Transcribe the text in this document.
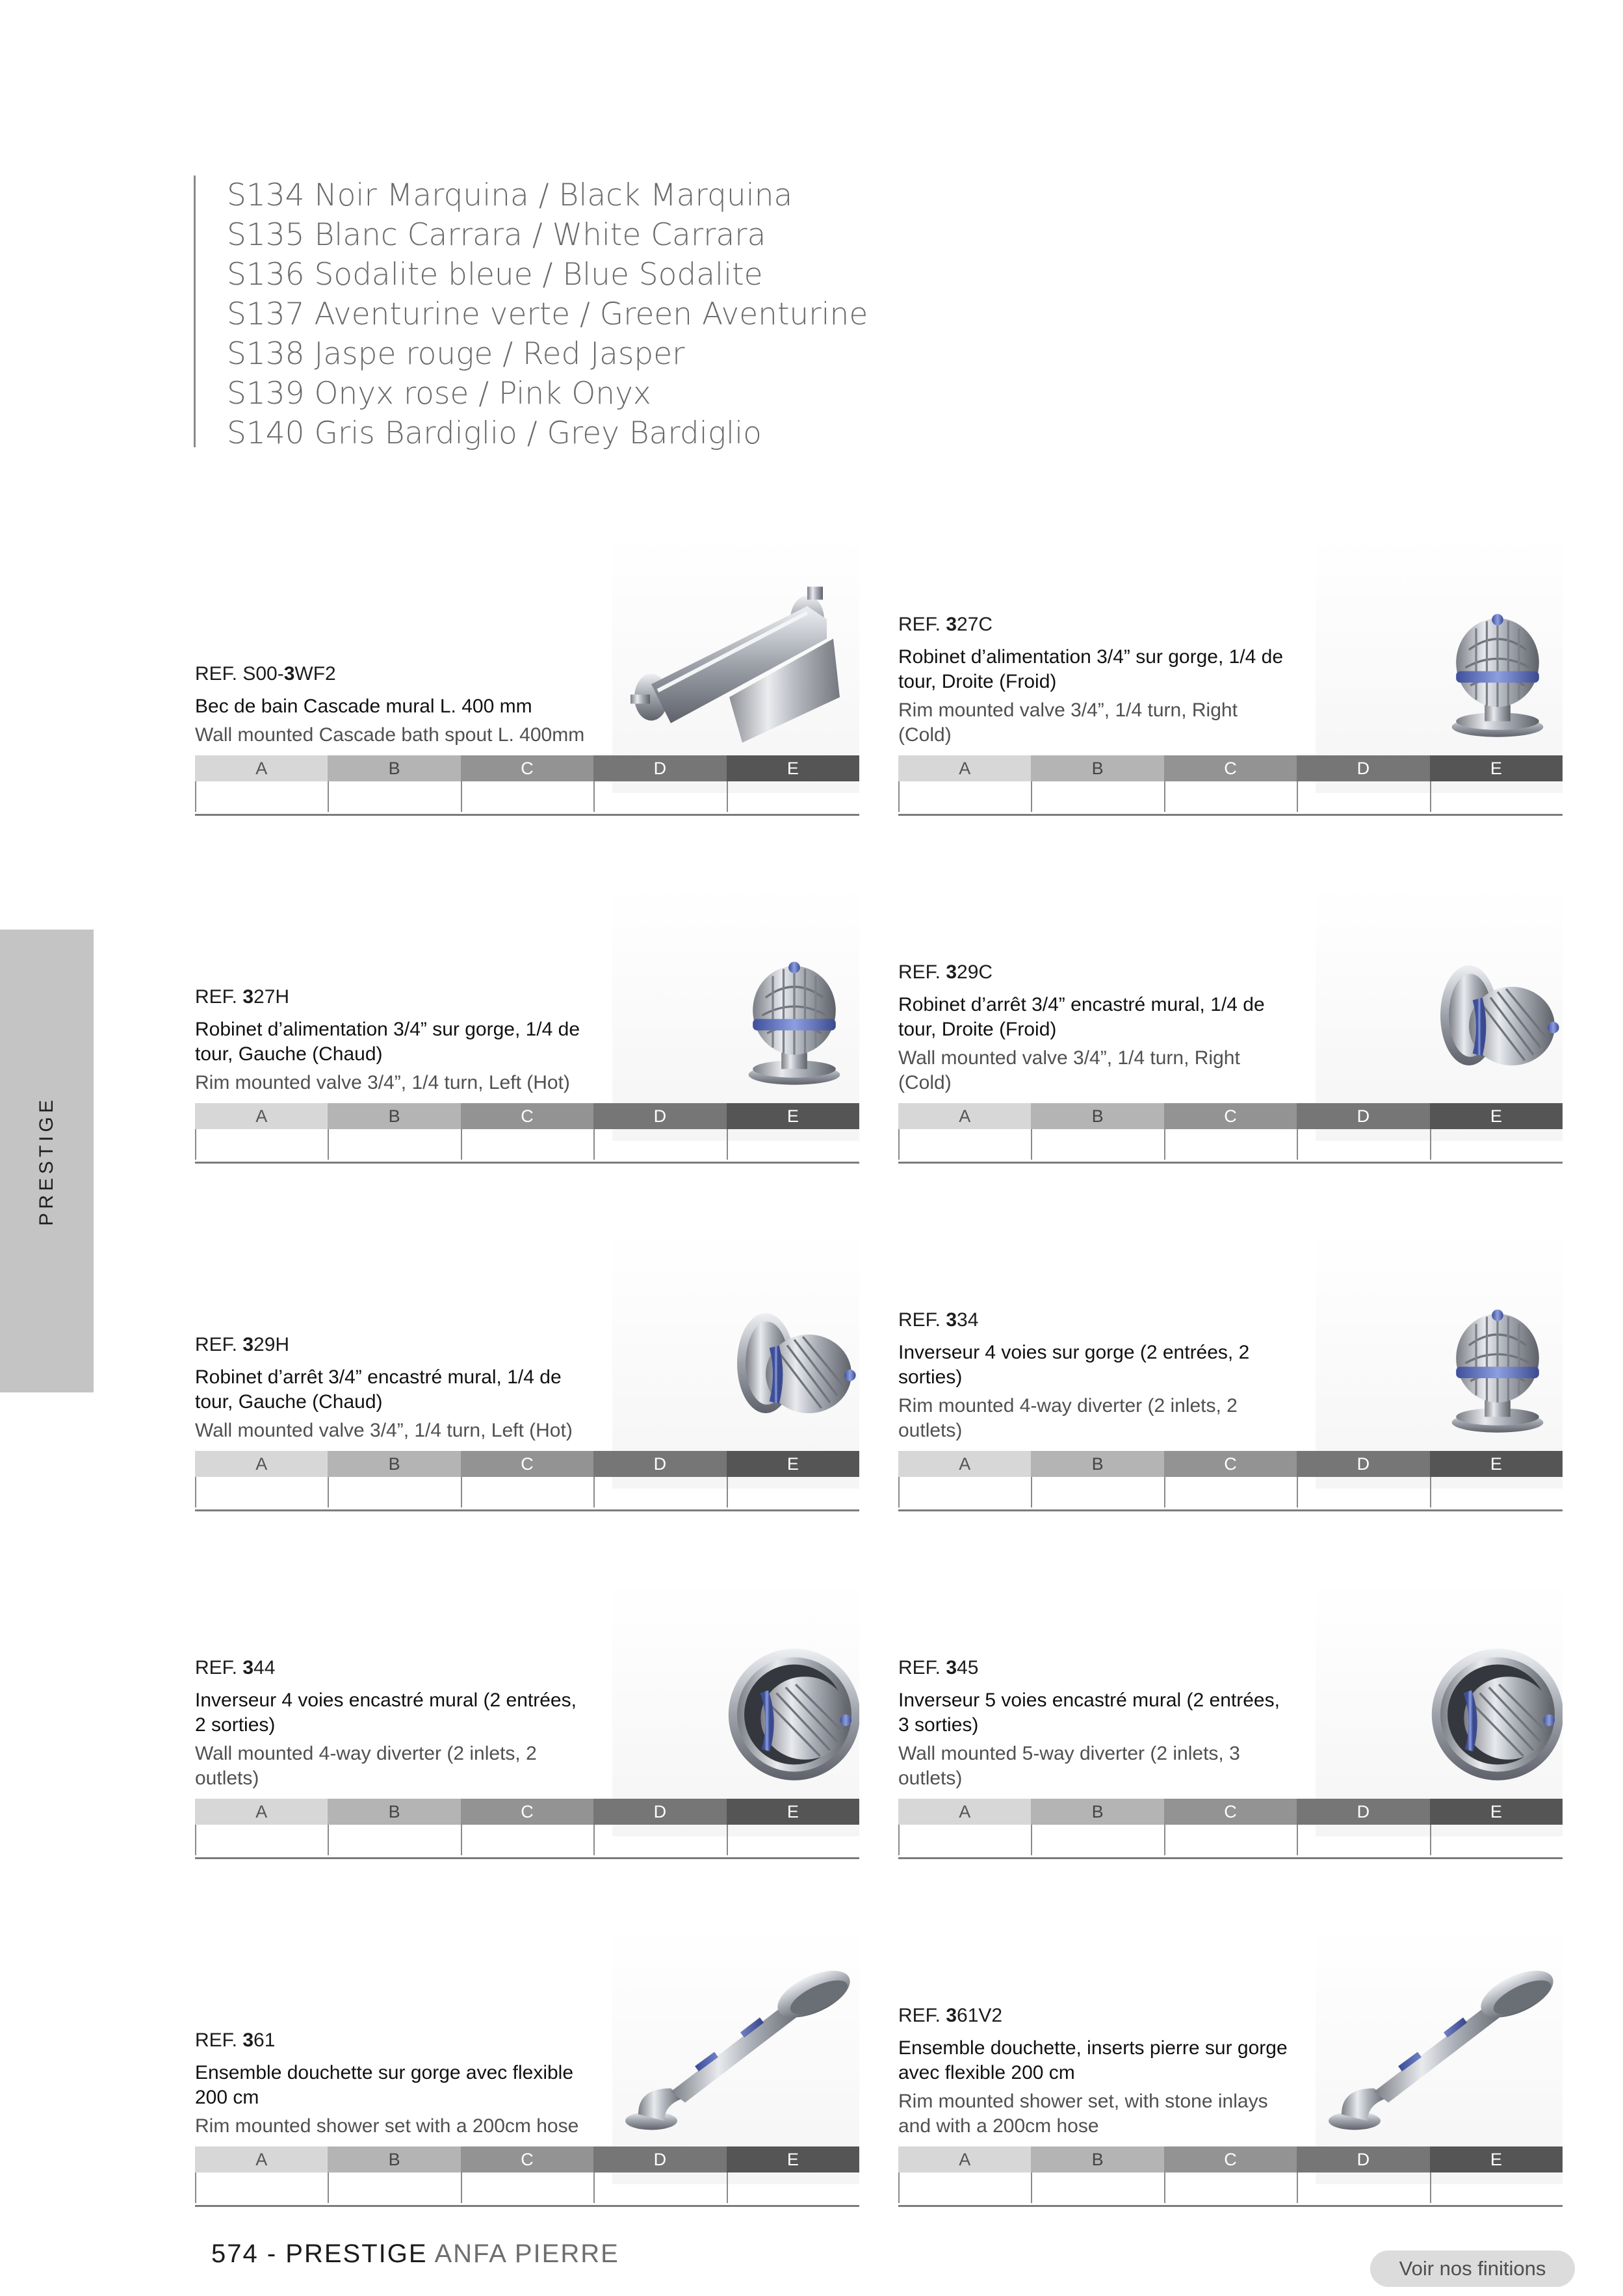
S134 Noir Marquina / Black Marquina
S135 Blanc Carrara / White Carrara
S136 Sodalite bleue / Blue Sodalite
S137 Aventurine verte / Green Aventurine
S138 Jaspe rouge / Red Jasper
S139 Onyx rose / Pink Onyx
S140 Gris Bardiglio / Grey Bardiglio
PRESTIGE
REF. S00-3WF2
Bec de bain Cascade mural L. 400 mm
Wall mounted Cascade bath spout L. 400mm
A	B	C	D	E
REF. 327C
Robinet d’alimentation 3/4” sur gorge, 1/4 de tour, Droite (Froid)
Rim mounted valve 3/4”, 1/4 turn, Right (Cold)
A	B	C	D	E
REF. 327H
Robinet d’alimentation 3/4” sur gorge, 1/4 de tour, Gauche (Chaud)
Rim mounted valve 3/4”, 1/4 turn, Left (Hot)
A	B	C	D	E
REF. 329C
Robinet d’arrêt 3/4” encastré mural, 1/4 de tour, Droite (Froid)
Wall mounted valve 3/4”, 1/4 turn, Right (Cold)
A	B	C	D	E
REF. 329H
Robinet d’arrêt 3/4” encastré mural, 1/4 de tour, Gauche (Chaud)
Wall mounted valve 3/4”, 1/4 turn, Left (Hot)
A	B	C	D	E
REF. 334
Inverseur 4 voies sur gorge (2 entrées, 2 sorties)
Rim mounted 4-way diverter (2 inlets, 2 outlets)
A	B	C	D	E
REF. 344
Inverseur 4 voies encastré mural (2 entrées, 2 sorties)
Wall mounted 4-way diverter (2 inlets, 2 outlets)
A	B	C	D	E
REF. 345
Inverseur 5 voies encastré mural (2 entrées, 3 sorties)
Wall mounted 5-way diverter (2 inlets, 3 outlets)
A	B	C	D	E
REF. 361
Ensemble douchette sur gorge avec flexible 200 cm
Rim mounted shower set with a 200cm hose
A	B	C	D	E
REF. 361V2
Ensemble douchette, inserts pierre sur gorge avec flexible 200 cm
Rim mounted shower set, with stone inlays and with a 200cm hose
A	B	C	D	E
574 - PRESTIGE ANFA PIERRE
Voir nos finitions
